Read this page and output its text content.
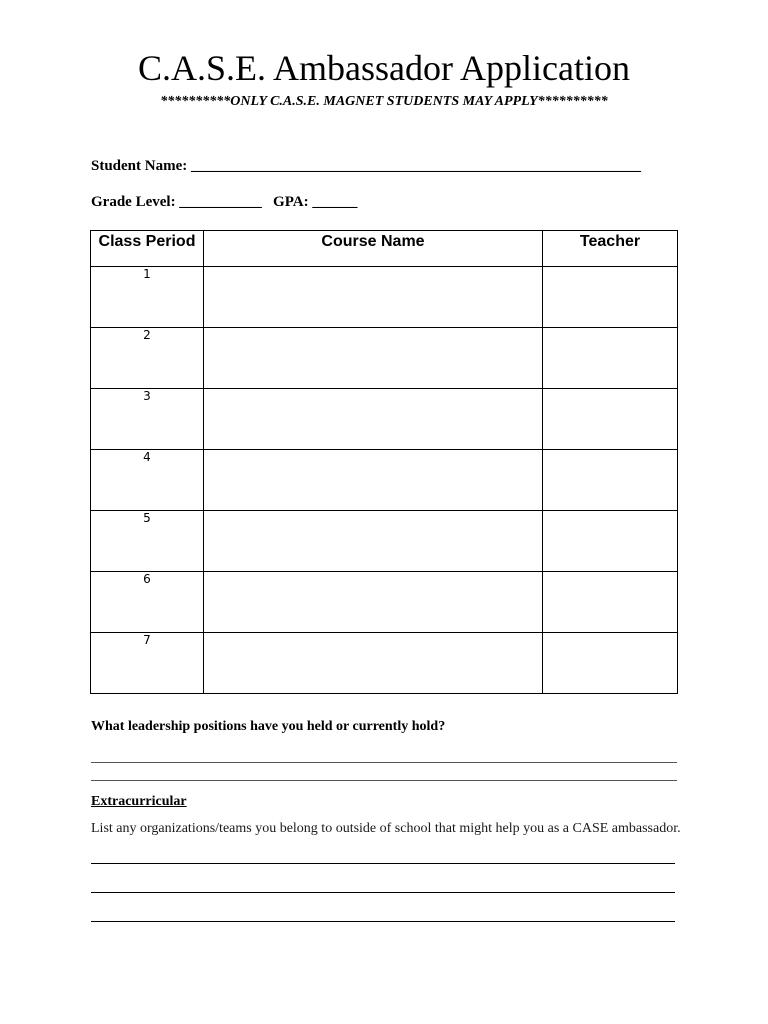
C.A.S.E. Ambassador Application
**********ONLY C.A.S.E. MAGNET STUDENTS MAY APPLY**********
Student Name: ____________________________________________________________
Grade Level: ___________   GPA: ______
Class Period	Course Name	Teacher
1		
2		
3		
4		
5		
6		
7		
What leadership positions have you held or currently hold?
Extracurricular
List any organizations/teams you belong to outside of school that might help you as a CASE ambassador.
